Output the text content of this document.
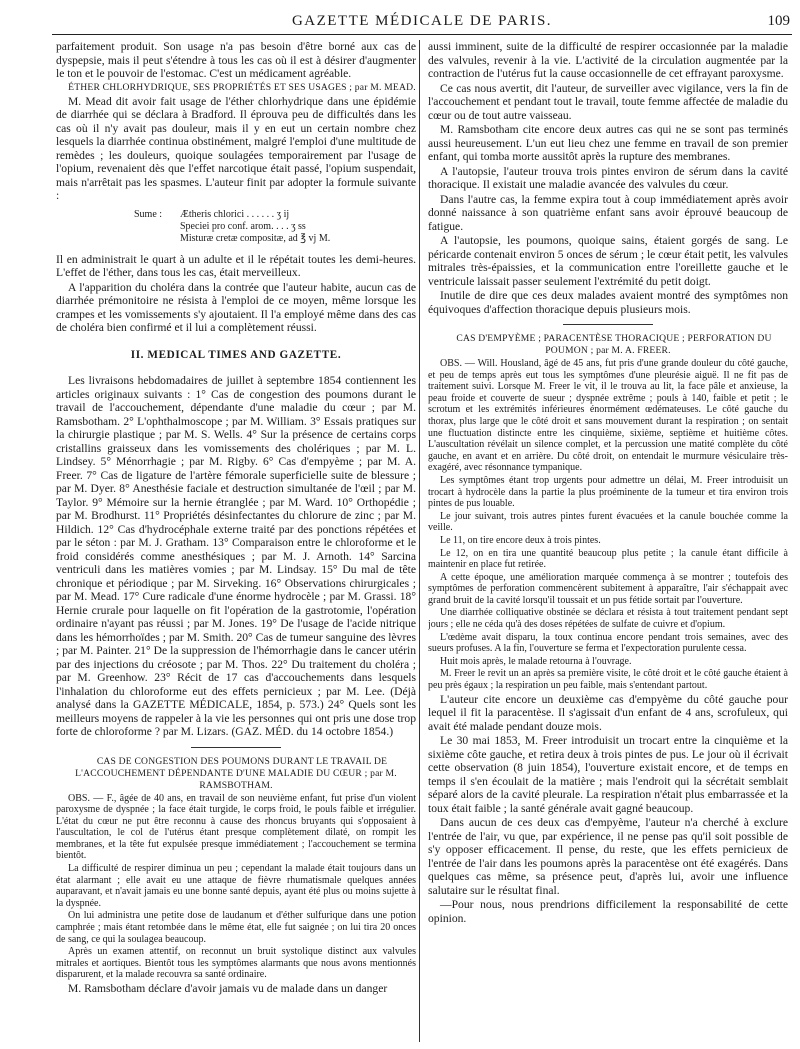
GAZETTE MÉDICALE DE PARIS.	109

parfaitement produit. Son usage n'a pas besoin d'être borné aux cas de dyspepsie, mais il peut s'étendre à tous les cas où il est à désirer d'augmenter le ton et le pouvoir de l'estomac. C'est un médicament agréable.

ÉTHER CHLORHYDRIQUE, SES PROPRIÉTÉS ET SES USAGES ; par M. MEAD.

M. Mead dit avoir fait usage de l'éther chlorhydrique dans une épidémie de diarrhée qui se déclara à Bradford. Il éprouva peu de difficultés dans les cas où il n'y avait pas douleur, mais il y en eut un certain nombre chez lesquels la diarrhée continua obstinément, malgré l'emploi d'une multitude de remèdes ; les douleurs, quoique soulagées temporairement par l'usage de l'opium, revenaient dès que l'effet narcotique était passé, l'opium suspendait, mais n'arrêtait pas les spasmes. L'auteur finit par adopter la formule suivante :

Sume :	Ætheris chlorici . . . . . . ʒ ij
Speciei pro conf. arom. . . . ʒ ss
Misturæ cretæ compositæ, ad ℥ vj M.

Il en administrait le quart à un adulte et il le répétait toutes les demi-heures. L'effet de l'éther, dans tous les cas, était merveilleux.

A l'apparition du choléra dans la contrée que l'auteur habite, aucun cas de diarrhée prémonitoire ne résista à l'emploi de ce moyen, même lorsque les crampes et les vomissements s'y ajoutaient. Il l'a employé même dans des cas de choléra bien confirmé et il lui a complètement réussi.

II. MEDICAL TIMES AND GAZETTE.

Les livraisons hebdomadaires de juillet à septembre 1854 contiennent les articles originaux suivants : 1° Cas de congestion des poumons durant le travail de l'accouchement, dépendante d'une maladie du cœur ; par M. Ramsbotham. 2° L'ophthalmoscope ; par M. William. 3° Essais pratiques sur la chirurgie plastique ; par M. S. Wells. 4° Sur la présence de certains corps cristallins graisseux dans les vomissements des cholériques ; par M. L. Lindsey. 5° Ménorrhagie ; par M. Rigby. 6° Cas d'empyème ; par M. A. Freer. 7° Cas de ligature de l'artère fémorale superficielle suite de blessure ; par M. Dyer. 8° Anesthésie faciale et destruction simultanée de l'œil ; par M. Taylor. 9° Mémoire sur la hernie étranglée ; par M. Ward. 10° Orthopédie ; par M. Brodhurst. 11° Propriétés désinfectantes du chlorure de zinc ; par M. Hildich. 12° Cas d'hydrocéphale externe traité par des ponctions répétées et par le séton : par M. J. Gratham. 13° Comparaison entre le chloroforme et le froid considérés comme anesthésiques ; par M. J. Arnoth. 14° Sarcina ventriculi dans les matières vomies ; par M. Lindsay. 15° Du mal de tête chronique et périodique ; par M. Sirveking. 16° Observations chirurgicales ; par M. Mead. 17° Cure radicale d'une énorme hydrocèle ; par M. Grassi. 18° Hernie crurale pour laquelle on fit l'opération de la gastrotomie, l'opération ordinaire n'ayant pas réussi ; par M. Jones. 19° De l'usage de l'acide nitrique dans les hémorrhoïdes ; par M. Smith. 20° Cas de tumeur sanguine des lèvres ; par M. Painter. 21° De la suppression de l'hémorrhagie dans le cancer utérin par des injections du créosote ; par M. Thos. 22° Du traitement du choléra ; par M. Greenhow. 23° Récit de 17 cas d'accouchements dans lesquels l'inhalation du chloroforme eut des effets pernicieux ; par M. Lee. (Déjà analysé dans la GAZETTE MÉDICALE, 1854, p. 573.) 24° Quels sont les meilleurs moyens de rappeler à la vie les personnes qui ont pris une dose trop forte de chloroforme ? par M. Lizars. (GAZ. MÉD. du 14 octobre 1854.)

CAS DE CONGESTION DES POUMONS DURANT LE TRAVAIL DE L'ACCOUCHEMENT DÉPENDANTE D'UNE MALADIE DU CŒUR ; par M. RAMSBOTHAM.

OBS. — F., âgée de 40 ans, en travail de son neuvième enfant, fut prise d'un violent paroxysme de dyspnée ; la face était turgide, le corps froid, le pouls faible et irrégulier. L'état du cœur ne put être reconnu à cause des rhoncus bruyants qui s'opposaient à l'auscultation, le col de l'utérus étant presque complètement dilaté, on rompit les membranes, et la tête fut expulsée presque immédiatement ; l'accouchement se termina bientôt.

La difficulté de respirer diminua un peu ; cependant la malade était toujours dans un état alarmant ; elle avait eu une attaque de fièvre rhumatismale quelques années auparavant, et n'avait jamais eu une bonne santé depuis, ayant été plus ou moins sujette à la dyspnée.

On lui administra une petite dose de laudanum et d'éther sulfurique dans une potion camphrée ; mais étant retombée dans le même état, elle fut saignée ; on lui tira 20 onces de sang, ce qui la soulagea beaucoup.

Après un examen attentif, on reconnut un bruit systolique distinct aux valvules mitrales et aortiques. Bientôt tous les symptômes alarmants que nous avons mentionnés disparurent, et la malade recouvra sa santé ordinaire.

M. Ramsbotham déclare d'avoir jamais vu de malade dans un danger

aussi imminent, suite de la difficulté de respirer occasionnée par la maladie des valvules, revenir à la vie. L'activité de la circulation augmentée par la contraction de l'utérus fut la cause occasionnelle de cet effrayant paroxysme.

Ce cas nous avertit, dit l'auteur, de surveiller avec vigilance, vers la fin de l'accouchement et pendant tout le travail, toute femme affectée de maladie du cœur ou de tout autre vaisseau.

M. Ramsbotham cite encore deux autres cas qui ne se sont pas terminés aussi heureusement. L'un eut lieu chez une femme en travail de son premier enfant, qui tomba morte aussitôt après la rupture des membranes.

A l'autopsie, l'auteur trouva trois pintes environ de sérum dans la cavité thoracique. Il existait une maladie avancée des valvules du cœur.

Dans l'autre cas, la femme expira tout à coup immédiatement après avoir donné naissance à son quatrième enfant sans avoir éprouvé beaucoup de fatigue.

A l'autopsie, les poumons, quoique sains, étaient gorgés de sang. Le péricarde contenait environ 5 onces de sérum ; le cœur était petit, les valvules mitrales très-épaissies, et la communication entre l'oreillette gauche et le ventricule laissait passer seulement l'extrémité du petit doigt.

Inutile de dire que ces deux malades avaient montré des symptômes non équivoques d'affection thoracique depuis plusieurs mois.

CAS D'EMPYÈME ; PARACENTÈSE THORACIQUE ; PERFORATION DU POUMON ; par M. A. FREER.

OBS. — Will. Housland, âgé de 45 ans, fut pris d'une grande douleur du côté gauche, et peu de temps après eut tous les symptômes d'une pleurésie aiguë. Il ne fit pas de traitement suivi. Lorsque M. Freer le vit, il le trouva au lit, la face pâle et anxieuse, la peau froide et couverte de sueur ; dyspnée extrême ; pouls à 140, faible et petit ; le scrotum et les extrémités inférieures énormément œdémateuses. Le côté gauche du thorax, plus large que le côté droit et sans mouvement durant la respiration ; on sentait une fluctuation distincte entre les cinquième, sixième, septième et huitième côtes. L'auscultation révélait un silence complet, et la percussion une matité complète du côté gauche, en avant et en arrière. Du côté droit, on entendait le murmure vésiculaire très-exagéré, avec résonnance tympanique.

Les symptômes étant trop urgents pour admettre un délai, M. Freer introduisit un trocart à hydrocèle dans la partie la plus proéminente de la tumeur et tira environ trois pintes de pus louable.

Le jour suivant, trois autres pintes furent évacuées et la canule bouchée comme la veille.

Le 11, on tire encore deux à trois pintes.

Le 12, on en tira une quantité beaucoup plus petite ; la canule étant difficile à maintenir en place fut retirée.

A cette époque, une amélioration marquée commença à se montrer ; toutefois des symptômes de perforation commencèrent subitement à apparaître, l'air s'échappait avec grand bruit de la cavité lorsqu'il toussait et un pus fétide sortait par l'ouverture.

Une diarrhée colliquative obstinée se déclara et résista à tout traitement pendant sept jours ; elle ne céda qu'à des doses répétées de sulfate de cuivre et d'opium.

L'œdème avait disparu, la toux continua encore pendant trois semaines, avec des sueurs profuses. A la fin, l'ouverture se ferma et l'expectoration purulente cessa.

Huit mois après, le malade retourna à l'ouvrage.

M. Freer le revit un an après sa première visite, le côté droit et le côté gauche étaient à peu près égaux ; la respiration un peu faible, mais s'entendant partout.

L'auteur cite encore un deuxième cas d'empyème du côté gauche pour lequel il fit la paracentèse. Il s'agissait d'un enfant de 4 ans, scrofuleux, qui avait été malade pendant douze mois.

Le 30 mai 1853, M. Freer introduisit un trocart entre la cinquième et la sixième côte gauche, et retira deux à trois pintes de pus. Le jour où il écrivait cette observation (8 juin 1854), l'ouverture existait encore, et de temps en temps il s'en écoulait de la matière ; mais l'endroit qui la sécrétait semblait séparé alors de la cavité pleurale. La respiration n'était plus embarrassée et la toux était faible ; la santé générale avait gagné beaucoup.

Dans aucun de ces deux cas d'empyème, l'auteur n'a cherché à exclure l'entrée de l'air, vu que, par expérience, il ne pense pas qu'il soit possible de s'y opposer efficacement. Il pense, du reste, que les effets pernicieux de l'entrée de l'air dans les poumons après la paracentèse ont été exagérés. Dans quelques cas même, sa présence peut, d'après lui, avoir une influence salutaire sur le résultat final.

—Pour nous, nous prendrions difficilement la responsabilité de cette opinion.
